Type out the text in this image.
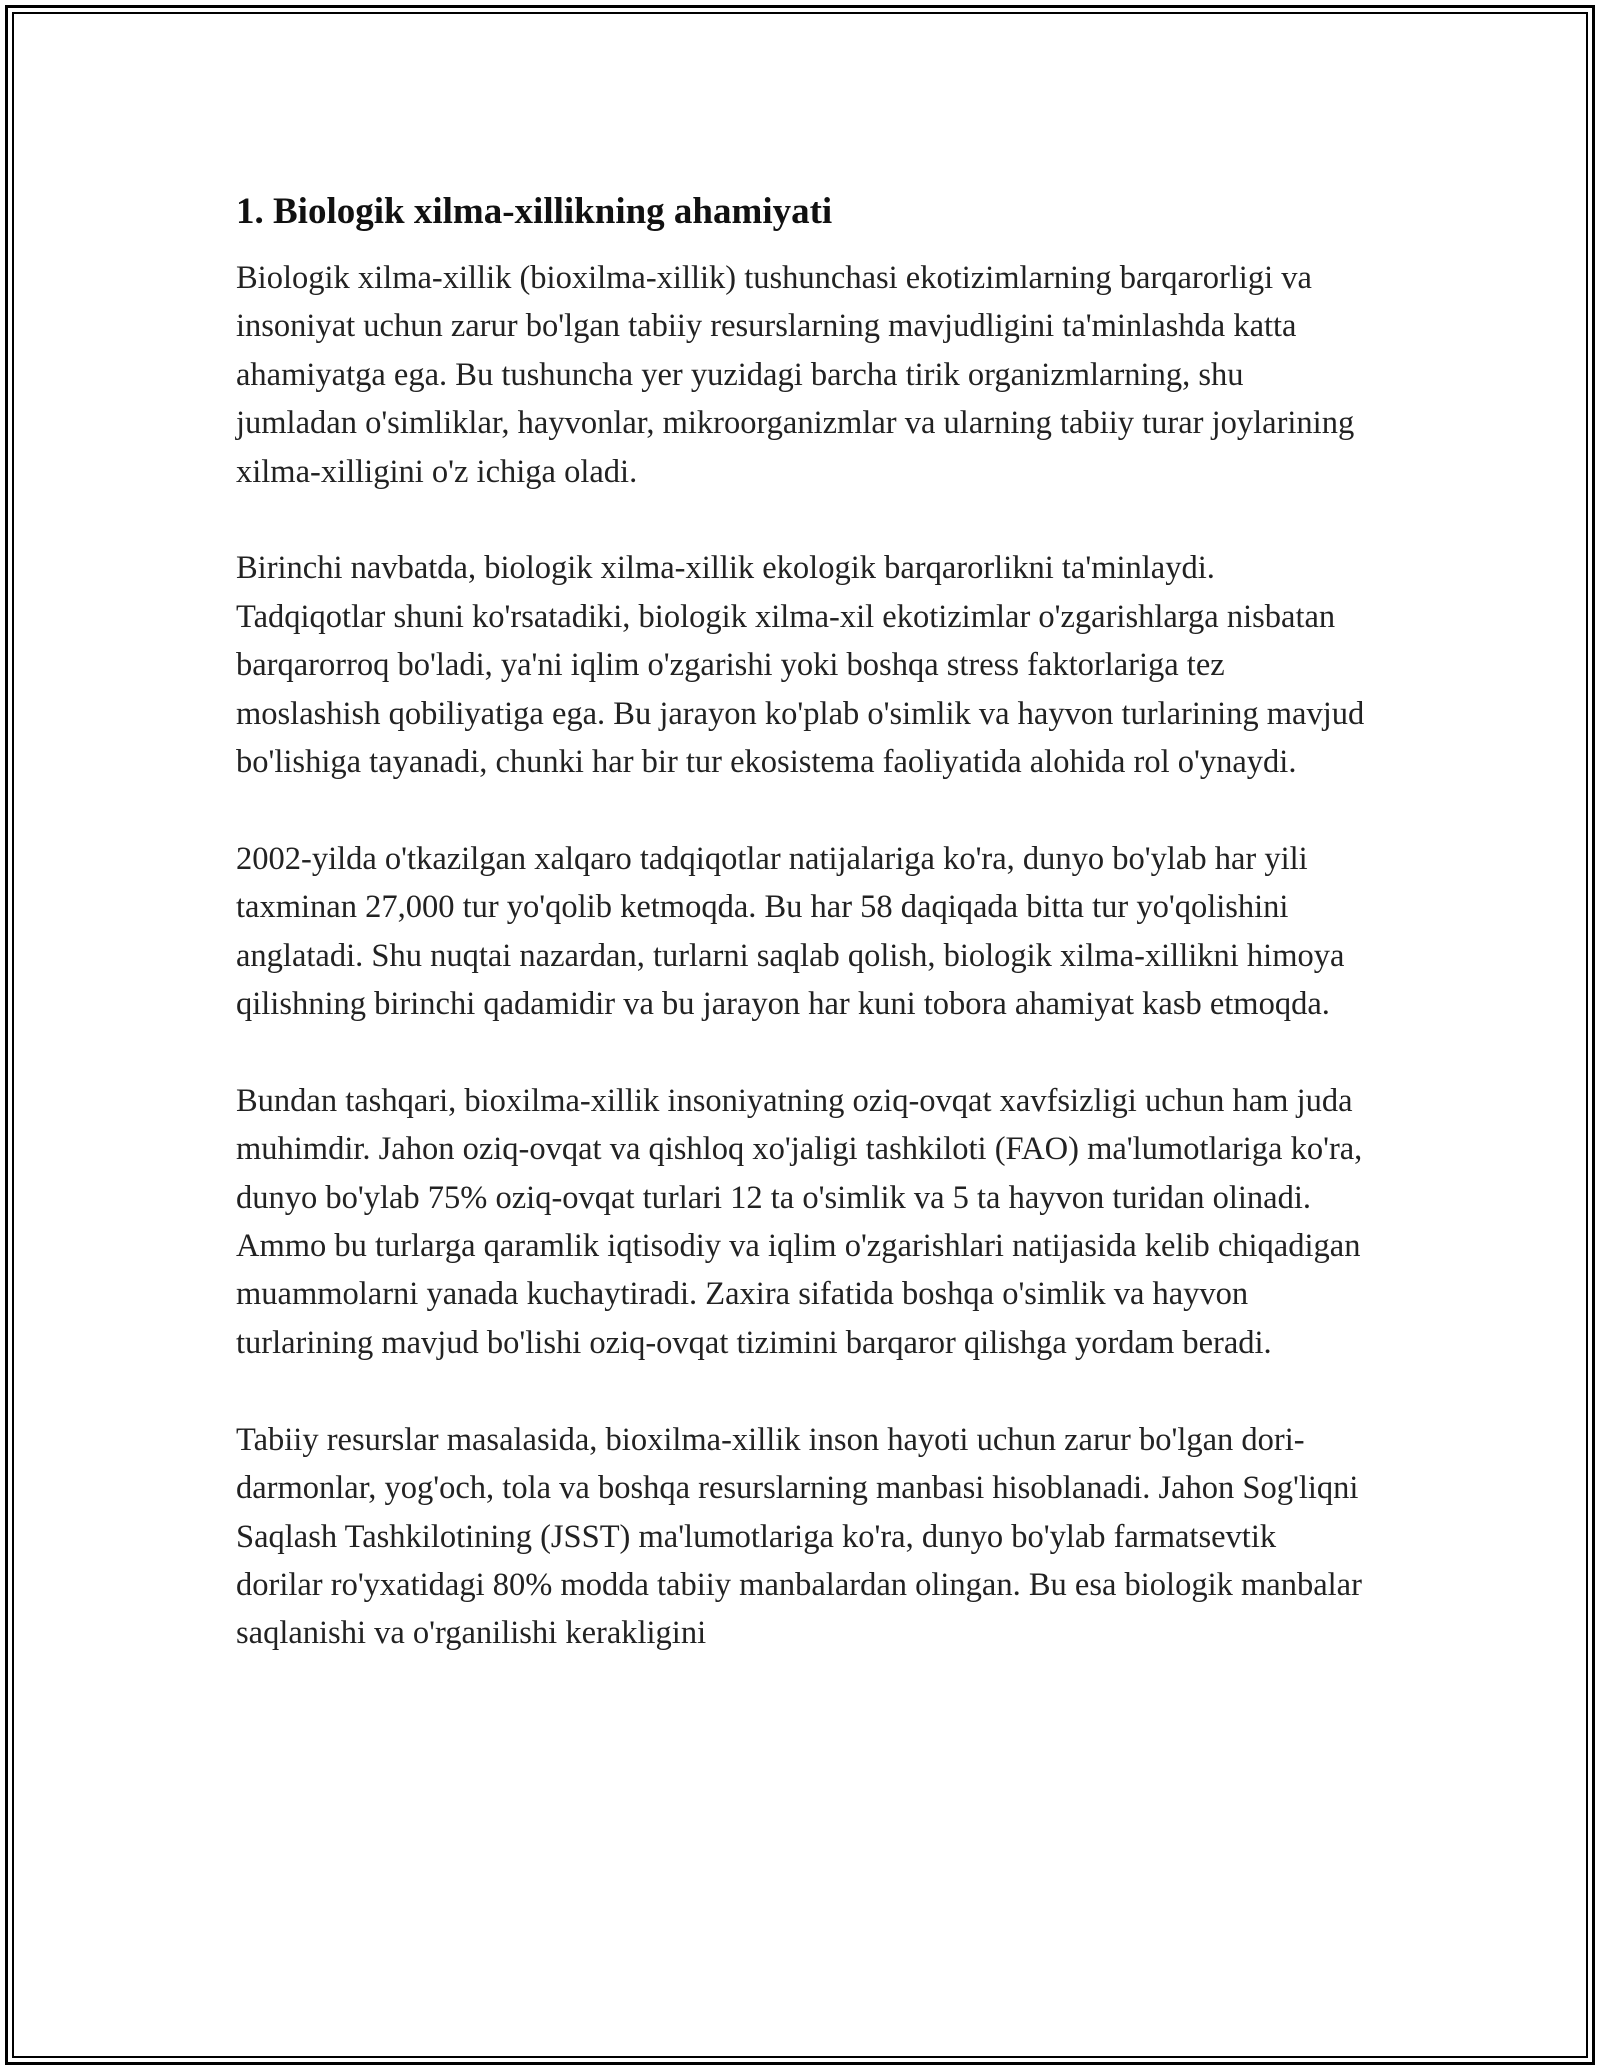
1. Biologik xilma-xillikning ahamiyati

Biologik xilma-xillik (bioxilma-xillik) tushunchasi ekotizimlarning barqarorligi va insoniyat uchun zarur bo'lgan tabiiy resurslarning mavjudligini ta'minlashda katta ahamiyatga ega. Bu tushuncha yer yuzidagi barcha tirik organizmlarning, shu jumladan o'simliklar, hayvonlar, mikroorganizmlar va ularning tabiiy turar joylarining xilma-xilligini o'z ichiga oladi.

Birinchi navbatda, biologik xilma-xillik ekologik barqarorlikni ta'minlaydi. Tadqiqotlar shuni ko'rsatadiki, biologik xilma-xil ekotizimlar o'zgarishlarga nisbatan barqarorroq bo'ladi, ya'ni iqlim o'zgarishi yoki boshqa stress faktorlariga tez moslashish qobiliyatiga ega. Bu jarayon ko'plab o'simlik va hayvon turlarining mavjud bo'lishiga tayanadi, chunki har bir tur ekosistema faoliyatida alohida rol o'ynaydi.

2002-yilda o'tkazilgan xalqaro tadqiqotlar natijalariga ko'ra, dunyo bo'ylab har yili taxminan 27,000 tur yo'qolib ketmoqda. Bu har 58 daqiqada bitta tur yo'qolishini anglatadi. Shu nuqtai nazardan, turlarni saqlab qolish, biologik xilma-xillikni himoya qilishning birinchi qadamidir va bu jarayon har kuni tobora ahamiyat kasb etmoqda.

Bundan tashqari, bioxilma-xillik insoniyatning oziq-ovqat xavfsizligi uchun ham juda muhimdir. Jahon oziq-ovqat va qishloq xo'jaligi tashkiloti (FAO) ma'lumotlariga ko'ra, dunyo bo'ylab 75% oziq-ovqat turlari 12 ta o'simlik va 5 ta hayvon turidan olinadi. Ammo bu turlarga qaramlik iqtisodiy va iqlim o'zgarishlari natijasida kelib chiqadigan muammolarni yanada kuchaytiradi. Zaxira sifatida boshqa o'simlik va hayvon turlarining mavjud bo'lishi oziq-ovqat tizimini barqaror qilishga yordam beradi.

Tabiiy resurslar masalasida, bioxilma-xillik inson hayoti uchun zarur bo'lgan dori-darmonlar, yog'och, tola va boshqa resurslarning manbasi hisoblanadi. Jahon Sog'liqni Saqlash Tashkilotining (JSST) ma'lumotlariga ko'ra, dunyo bo'ylab farmatsevtik dorilar ro'yxatidagi 80% modda tabiiy manbalardan olingan. Bu esa biologik manbalar saqlanishi va o'rganilishi kerakligini
